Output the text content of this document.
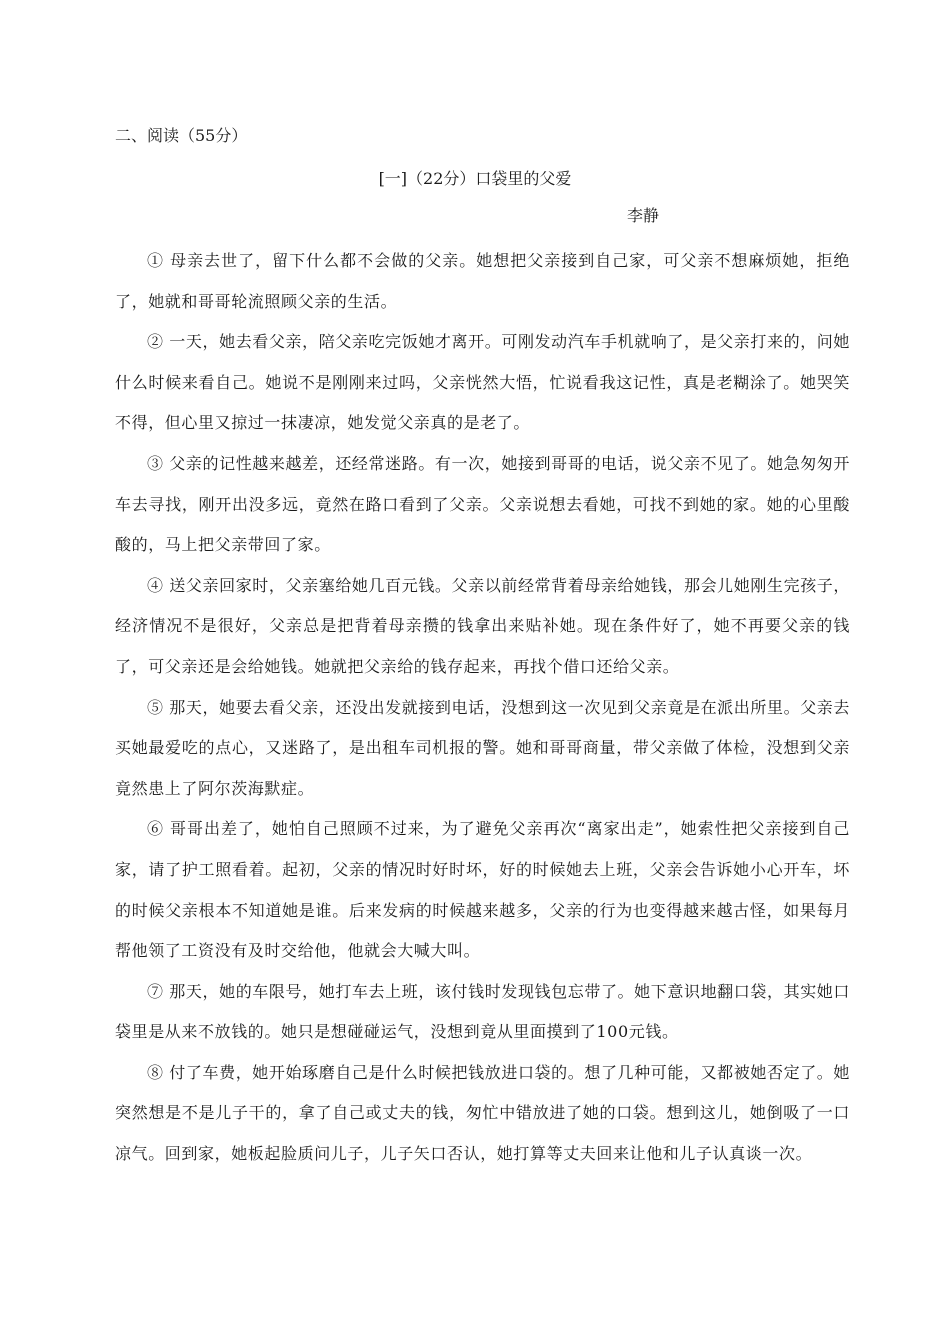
二、阅读（55分）
[一]（22分）口袋里的父爱
李静

① 母亲去世了，留下什么都不会做的父亲。她想把父亲接到自己家，可父亲不想麻烦她，拒绝了，她就和哥哥轮流照顾父亲的生活。

② 一天，她去看父亲，陪父亲吃完饭她才离开。可刚发动汽车手机就响了，是父亲打来的，问她什么时候来看自己。她说不是刚刚来过吗，父亲恍然大悟，忙说看我这记性，真是老糊涂了。她哭笑不得，但心里又掠过一抹凄凉，她发觉父亲真的是老了。

③ 父亲的记性越来越差，还经常迷路。有一次，她接到哥哥的电话，说父亲不见了。她急匆匆开车去寻找，刚开出没多远，竟然在路口看到了父亲。父亲说想去看她，可找不到她的家。她的心里酸酸的，马上把父亲带回了家。

④ 送父亲回家时，父亲塞给她几百元钱。父亲以前经常背着母亲给她钱，那会儿她刚生完孩子，经济情况不是很好，父亲总是把背着母亲攒的钱拿出来贴补她。现在条件好了，她不再要父亲的钱了，可父亲还是会给她钱。她就把父亲给的钱存起来，再找个借口还给父亲。

⑤ 那天，她要去看父亲，还没出发就接到电话，没想到这一次见到父亲竟是在派出所里。父亲去买她最爱吃的点心，又迷路了，是出租车司机报的警。她和哥哥商量，带父亲做了体检，没想到父亲竟然患上了阿尔茨海默症。

⑥ 哥哥出差了，她怕自己照顾不过来，为了避免父亲再次“离家出走”，她索性把父亲接到自己家，请了护工照看着。起初，父亲的情况时好时坏，好的时候她去上班，父亲会告诉她小心开车，坏的时候父亲根本不知道她是谁。后来发病的时候越来越多，父亲的行为也变得越来越古怪，如果每月帮他领了工资没有及时交给他，他就会大喊大叫。

⑦ 那天，她的车限号，她打车去上班，该付钱时发现钱包忘带了。她下意识地翻口袋，其实她口袋里是从来不放钱的。她只是想碰碰运气，没想到竟从里面摸到了100元钱。

⑧ 付了车费，她开始琢磨自己是什么时候把钱放进口袋的。想了几种可能，又都被她否定了。她突然想是不是儿子干的，拿了自己或丈夫的钱，匆忙中错放进了她的口袋。想到这儿，她倒吸了一口凉气。回到家，她板起脸质问儿子，儿子矢口否认，她打算等丈夫回来让他和儿子认真谈一次。
